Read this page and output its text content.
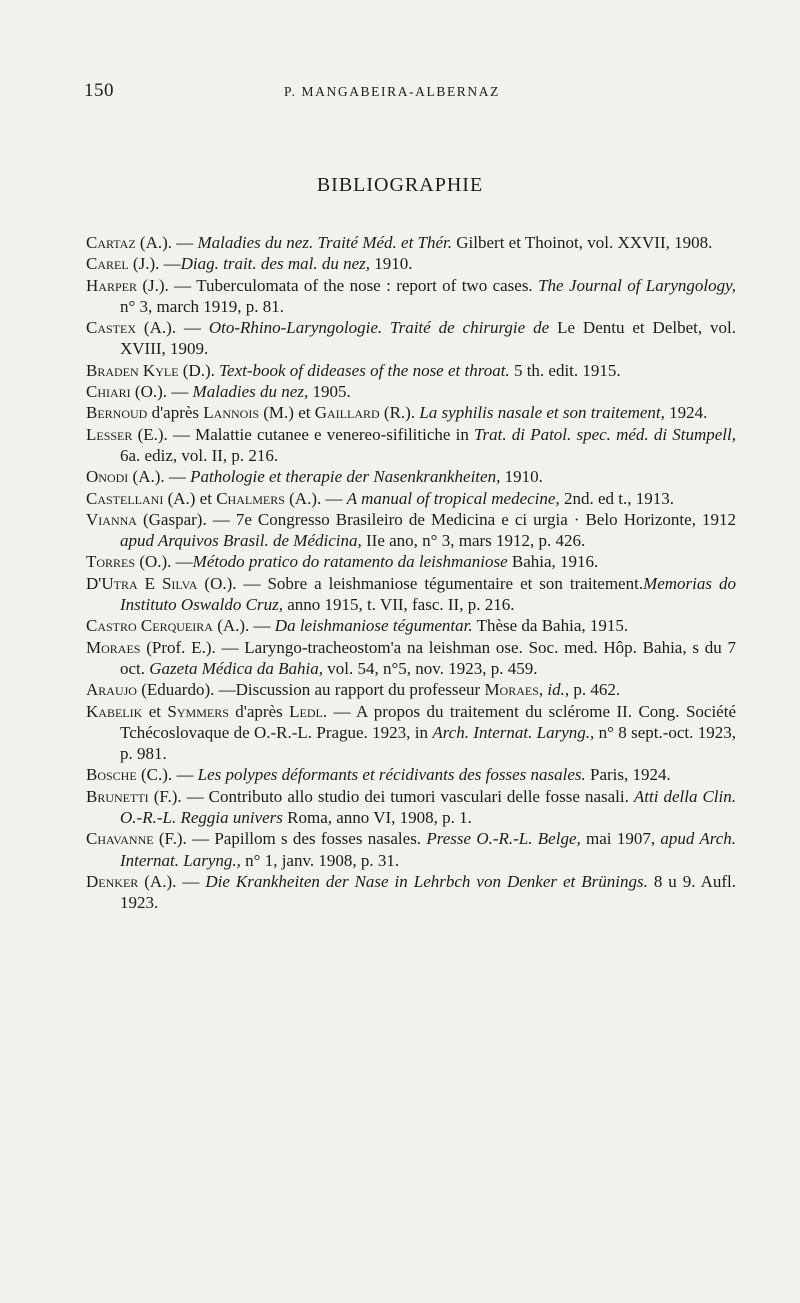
150	P. MANGABEIRA-ALBERNAZ
BIBLIOGRAPHIE
Cartaz (A.). — Maladies du nez. Traité Méd. et Thér. Gilbert et Thoinot, vol. XXVII, 1908.
Carel (J.). —Diag. trait. des mal. du nez, 1910.
Harper (J.). — Tuberculomata of the nose : report of two cases. The Journal of Laryngology, n° 3, march 1919, p. 81.
Castex (A.). — Oto-Rhino-Laryngologie. Traité de chirurgie de Le Dentu et Delbet, vol. XVIII, 1909.
Braden Kyle (D.). Text-book of dideases of the nose et throat. 5 th. edit. 1915.
Chiari (O.). — Maladies du nez, 1905.
Bernoud d'après Lannois (M.) et Gaillard (R.). La syphilis nasale et son traitement, 1924.
Lesser (E.). — Malattie cutanee e venereo-sifilitiche in Trat. di Patol. spec. méd. di Stumpell, 6a. ediz, vol. II, p. 216.
Onodi (A.). — Pathologie et therapie der Nasenkrankheiten, 1910.
Castellani (A.) et Chalmers (A.). — A manual of tropical medecine, 2nd. ed t., 1913.
Vianna (Gaspar). — 7e Congresso Brasileiro de Medicina e ci urgia · Belo Horizonte, 1912 apud Arquivos Brasil. de Médicina, IIe ano, n° 3, mars 1912, p. 426.
Torres (O.). —Método pratico do ratamento da leishmaniose Bahia, 1916.
D'Utra E Silva (O.). — Sobre a leishmaniose tégumentaire et son traitement.Memorias do Instituto Oswaldo Cruz, anno 1915, t. VII, fasc. II, p. 216.
Castro Cerqueira (A.). — Da leishmaniose tégumentar. Thèse da Bahia, 1915.
Moraes (Prof. E.). — Laryngo-tracheostom'a na leishman ose. Soc. med. Hôp. Bahia, s du 7 oct. Gazeta Médica da Bahia, vol. 54, n°5, nov. 1923, p. 459.
Araujo (Eduardo). —Discussion au rapport du professeur Moraes, id., p. 462.
Kabelik et Symmers d'après Ledl. — A propos du traitement du sclérome II. Cong. Société Tchécoslovaque de O.-R.-L. Prague. 1923, in Arch. Internat. Laryng., n° 8 sept.-oct. 1923, p. 981.
Bosche (C.). — Les polypes déformants et récidivants des fosses nasales. Paris, 1924.
Brunetti (F.). — Contributo allo studio dei tumori vasculari delle fosse nasali. Atti della Clin. O.-R.-L. Reggia univers Roma, anno VI, 1908, p. 1.
Chavanne (F.). — Papillom s des fosses nasales. Presse O.-R.-L. Belge, mai 1907, apud Arch. Internat. Laryng., n° 1, janv. 1908, p. 31.
Denker (A.). — Die Krankheiten der Nase in Lehrbch von Denker et Brünings. 8 u 9. Aufl. 1923.
